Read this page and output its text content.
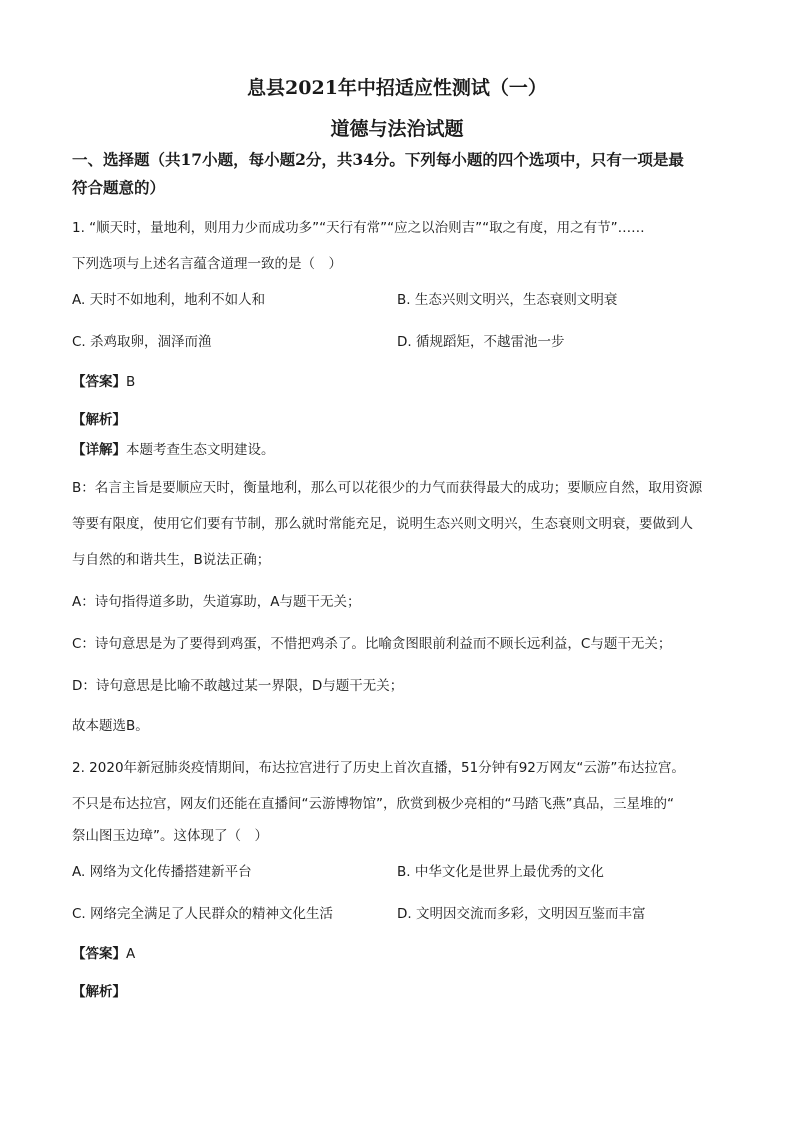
息县2021年中招适应性测试（一）
道德与法治试题
一、选择题（共17小题，每小题2分，共34分。下列每小题的四个选项中，只有一项是最
符合题意的）
1. “顺天时，量地利，则用力少而成功多”“天行有常”“应之以治则吉”“取之有度，用之有节”……
下列选项与上述名言蕴含道理一致的是（　）
A. 天时不如地利，地利不如人和	B. 生态兴则文明兴，生态衰则文明衰
C. 杀鸡取卵，涸泽而渔	D. 循规蹈矩，不越雷池一步
【答案】B
【解析】
【详解】本题考查生态文明建设。
B：名言主旨是要顺应天时，衡量地利，那么可以花很少的力气而获得最大的成功；要顺应自然，取用资源
等要有限度，使用它们要有节制，那么就时常能充足，说明生态兴则文明兴，生态衰则文明衰，要做到人
与自然的和谐共生，B说法正确；
A：诗句指得道多助，失道寡助，A与题干无关；
C：诗句意思是为了要得到鸡蛋，不惜把鸡杀了。比喻贪图眼前利益而不顾长远利益，C与题干无关；
D：诗句意思是比喻不敢越过某一界限，D与题干无关；
故本题选B。
2. 2020年新冠肺炎疫情期间，布达拉宫进行了历史上首次直播，51分钟有92万网友“云游”布达拉宫。
不只是布达拉宫，网友们还能在直播间“云游博物馆”，欣赏到极少亮相的“马踏飞燕”真品，三星堆的“
祭山图玉边璋”。这体现了（　）
A. 网络为文化传播搭建新平台	B. 中华文化是世界上最优秀的文化
C. 网络完全满足了人民群众的精神文化生活	D. 文明因交流而多彩，文明因互鉴而丰富
【答案】A
【解析】
